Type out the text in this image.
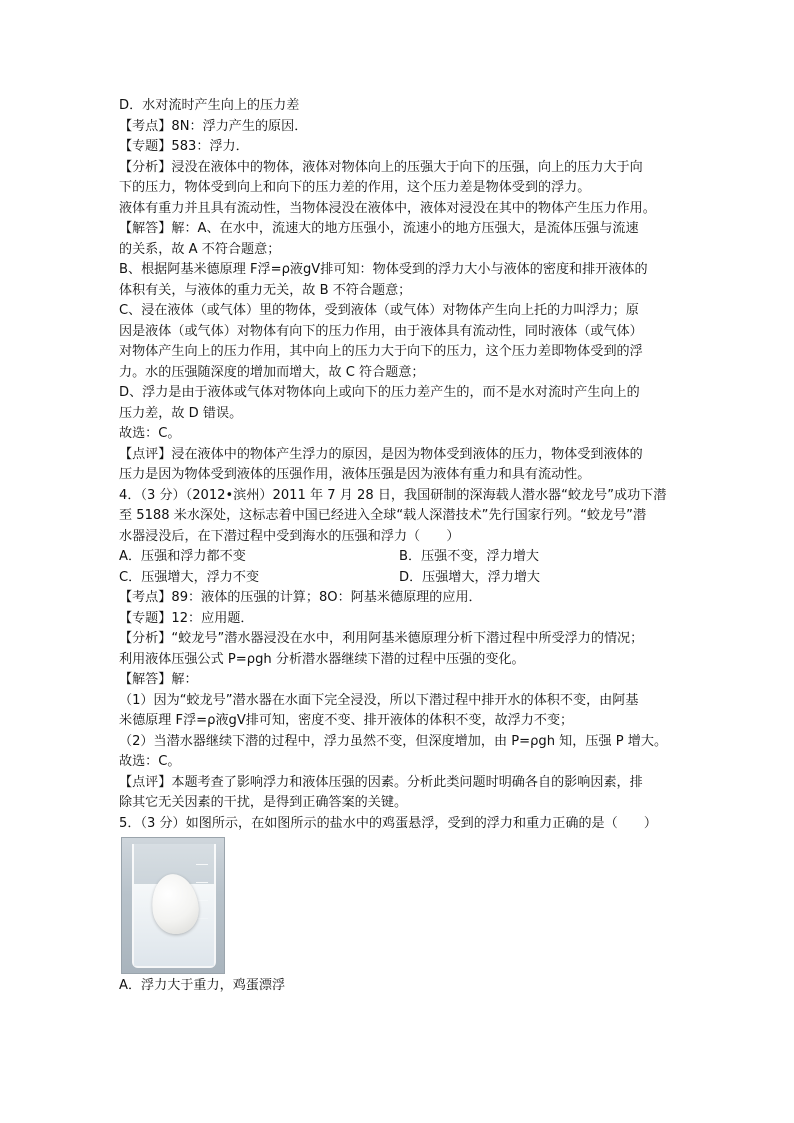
D．水对流时产生向上的压力差
【考点】8N：浮力产生的原因．
【专题】583：浮力．
【分析】浸没在液体中的物体，液体对物体向上的压强大于向下的压强，向上的压力大于向
下的压力，物体受到向上和向下的压力差的作用，这个压力差是物体受到的浮力。
液体有重力并且具有流动性，当物体浸没在液体中，液体对浸没在其中的物体产生压力作用。
【解答】解：A、在水中，流速大的地方压强小，流速小的地方压强大，是流体压强与流速
的关系，故 A 不符合题意；
B、根据阿基米德原理 F浮=ρ液gV排可知：物体受到的浮力大小与液体的密度和排开液体的
体积有关，与液体的重力无关，故 B 不符合题意；
C、浸在液体（或气体）里的物体，受到液体（或气体）对物体产生向上托的力叫浮力；原
因是液体（或气体）对物体有向下的压力作用，由于液体具有流动性，同时液体（或气体）
对物体产生向上的压力作用，其中向上的压力大于向下的压力，这个压力差即物体受到的浮
力。水的压强随深度的增加而增大，故 C 符合题意；
D、浮力是由于液体或气体对物体向上或向下的压力差产生的，而不是水对流时产生向上的
压力差，故 D 错误。
故选：C。
【点评】浸在液体中的物体产生浮力的原因，是因为物体受到液体的压力，物体受到液体的
压力是因为物体受到液体的压强作用，液体压强是因为液体有重力和具有流动性。
4．（3 分）（2012•滨州）2011 年 7 月 28 日，我国研制的深海载人潜水器“蛟龙号”成功下潜
至 5188 米水深处，这标志着中国已经进入全球“载人深潜技术”先行国家行列。“蛟龙号”潜
水器浸没后，在下潜过程中受到海水的压强和浮力（　　）
A．压强和浮力都不变	B．压强不变，浮力增大
C．压强增大，浮力不变	D．压强增大，浮力增大
【考点】89：液体的压强的计算；8O：阿基米德原理的应用．
【专题】12：应用题．
【分析】“蛟龙号”潜水器浸没在水中，利用阿基米德原理分析下潜过程中所受浮力的情况；
利用液体压强公式 P=ρgh 分析潜水器继续下潜的过程中压强的变化。
【解答】解：
（1）因为“蛟龙号”潜水器在水面下完全浸没，所以下潜过程中排开水的体积不变，由阿基
米德原理 F浮=ρ液gV排可知，密度不变、排开液体的体积不变，故浮力不变；
（2）当潜水器继续下潜的过程中，浮力虽然不变，但深度增加，由 P=ρgh 知，压强 P 增大。
故选：C。
【点评】本题考查了影响浮力和液体压强的因素。分析此类问题时明确各自的影响因素，排
除其它无关因素的干扰，是得到正确答案的关键。
5．（3 分）如图所示，在如图所示的盐水中的鸡蛋悬浮，受到的浮力和重力正确的是（　　）
A．浮力大于重力，鸡蛋漂浮
